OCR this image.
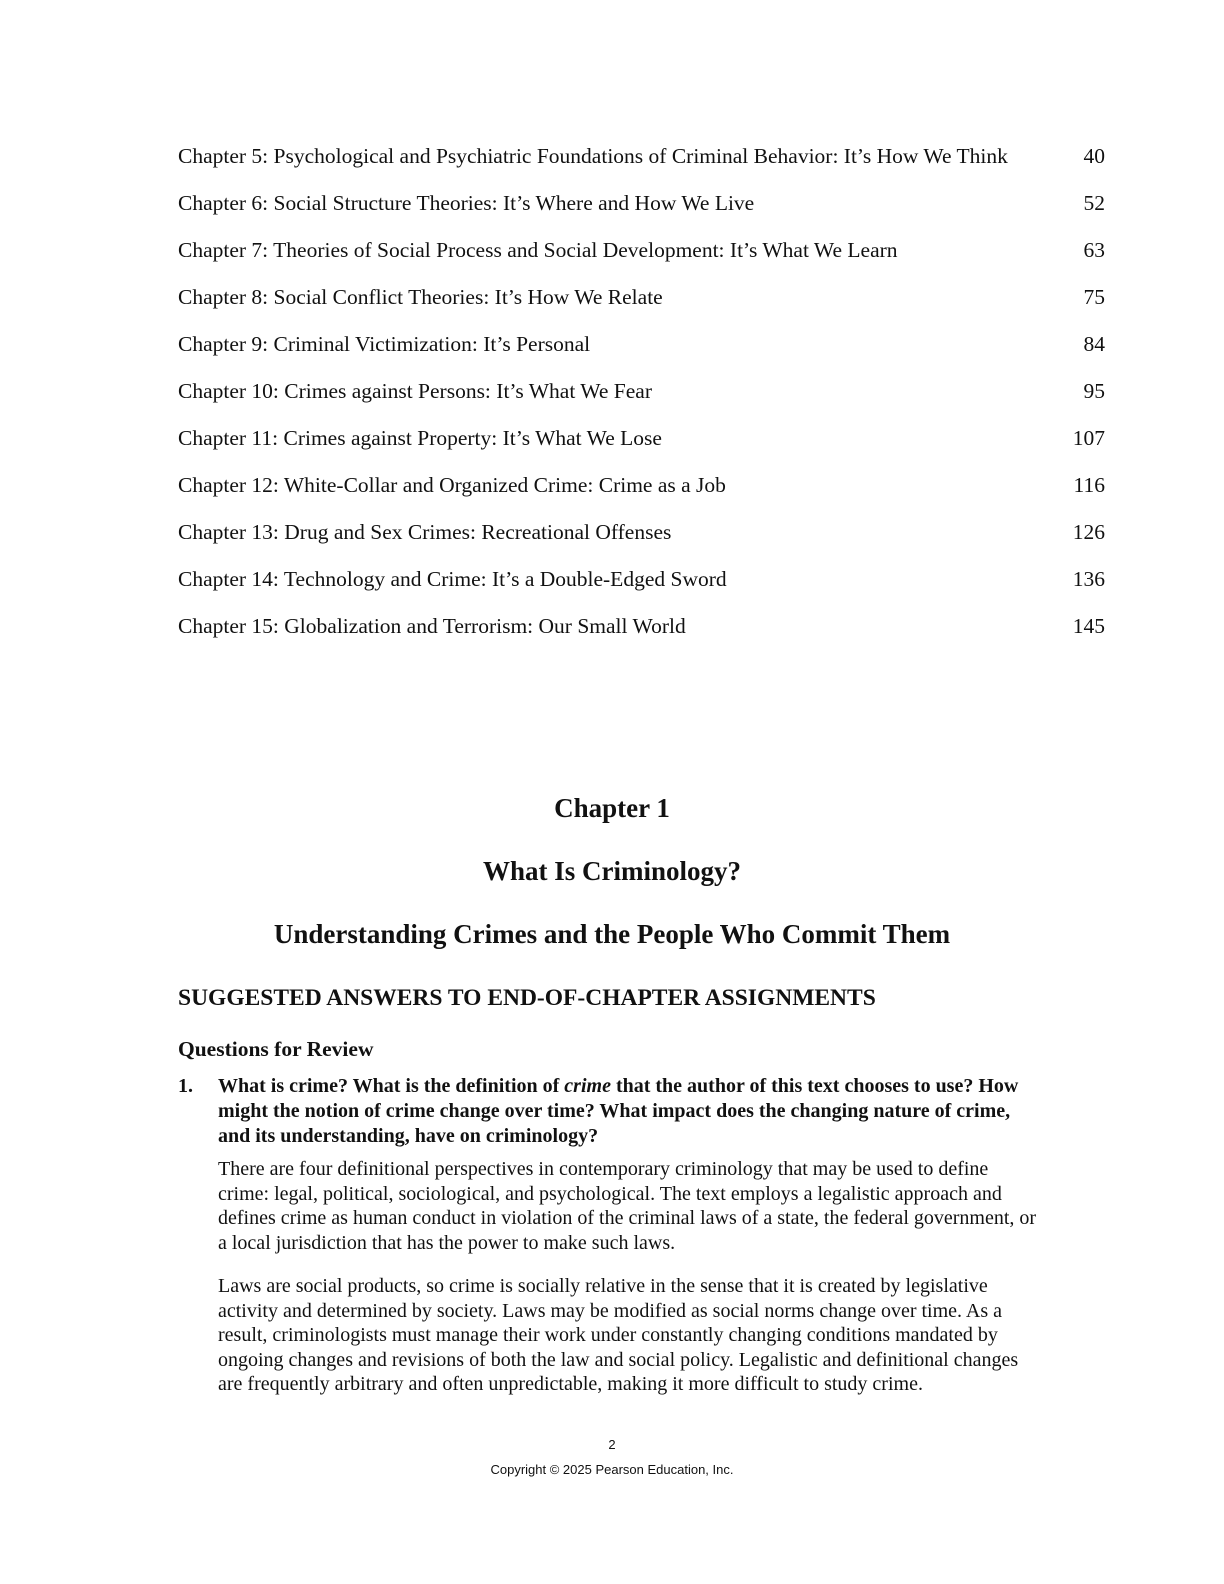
Chapter 5: Psychological and Psychiatric Foundations of Criminal Behavior: It’s How We Think	40
Chapter 6: Social Structure Theories: It’s Where and How We Live	52
Chapter 7: Theories of Social Process and Social Development: It’s What We Learn	63
Chapter 8: Social Conflict Theories: It’s How We Relate	75
Chapter 9: Criminal Victimization: It’s Personal	84
Chapter 10: Crimes against Persons: It’s What We Fear	95
Chapter 11: Crimes against Property: It’s What We Lose	107
Chapter 12: White-Collar and Organized Crime: Crime as a Job	116
Chapter 13: Drug and Sex Crimes: Recreational Offenses	126
Chapter 14: Technology and Crime: It’s a Double-Edged Sword	136
Chapter 15: Globalization and Terrorism: Our Small World	145
Chapter 1
What Is Criminology?
Understanding Crimes and the People Who Commit Them
SUGGESTED ANSWERS TO END-OF-CHAPTER ASSIGNMENTS
Questions for Review
1. What is crime? What is the definition of crime that the author of this text chooses to use? How might the notion of crime change over time? What impact does the changing nature of crime, and its understanding, have on criminology?

There are four definitional perspectives in contemporary criminology that may be used to define crime: legal, political, sociological, and psychological. The text employs a legalistic approach and defines crime as human conduct in violation of the criminal laws of a state, the federal government, or a local jurisdiction that has the power to make such laws.

Laws are social products, so crime is socially relative in the sense that it is created by legislative activity and determined by society. Laws may be modified as social norms change over time. As a result, criminologists must manage their work under constantly changing conditions mandated by ongoing changes and revisions of both the law and social policy. Legalistic and definitional changes are frequently arbitrary and often unpredictable, making it more difficult to study crime.

2
Copyright © 2025 Pearson Education, Inc.
